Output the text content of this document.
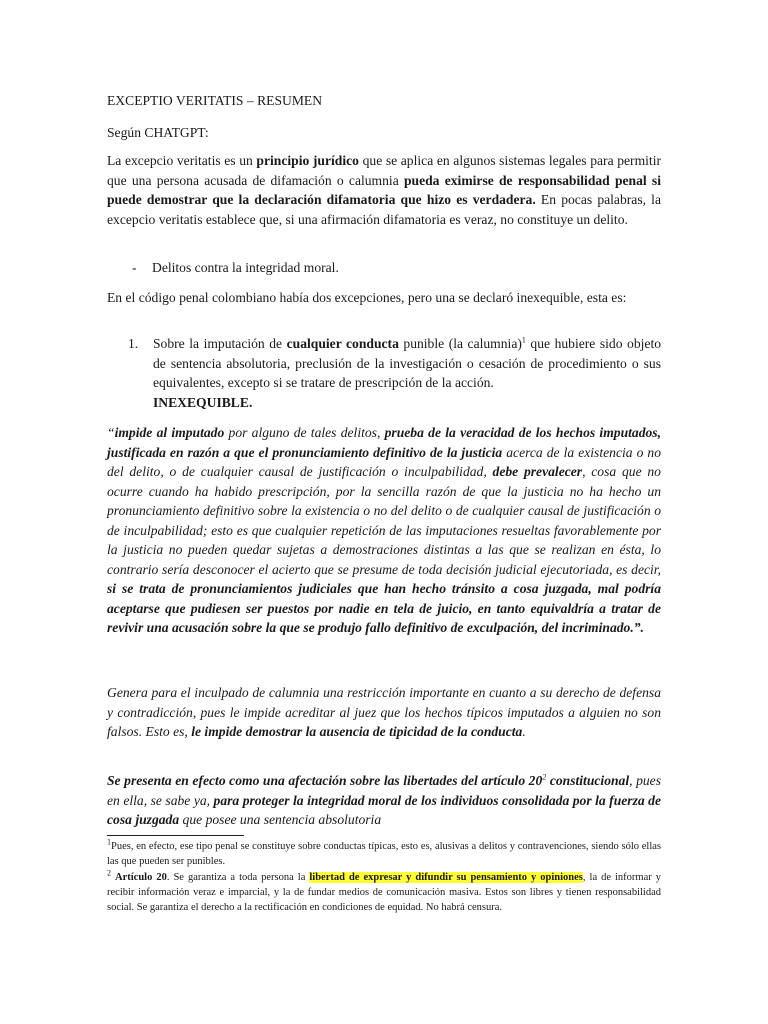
EXCEPTIO VERITATIS – RESUMEN
Según CHATGPT:
La excepcio veritatis es un principio jurídico que se aplica en algunos sistemas legales para permitir que una persona acusada de difamación o calumnia pueda eximirse de responsabilidad penal si puede demostrar que la declaración difamatoria que hizo es verdadera. En pocas palabras, la excepcio veritatis establece que, si una afirmación difamatoria es veraz, no constituye un delito.
- Delitos contra la integridad moral.
En el código penal colombiano había dos excepciones, pero una se declaró inexequible, esta es:
1. Sobre la imputación de cualquier conducta punible (la calumnia)$^1$ que hubiere sido objeto de sentencia absolutoria, preclusión de la investigación o cesación de procedimiento o sus equivalentes, excepto si se tratare de prescripción de la acción.
INEXEQUIBLE.
“impide al imputado por alguno de tales delitos, prueba de la veracidad de los hechos imputados, justificada en razón a que el pronunciamiento definitivo de la justicia acerca de la existencia o no del delito, o de cualquier causal de justificación o inculpabilidad, debe prevalecer, cosa que no ocurre cuando ha habido prescripción, por la sencilla razón de que la justicia no ha hecho un pronunciamiento definitivo sobre la existencia o no del delito o de cualquier causal de justificación o de inculpabilidad; esto es que cualquier repetición de las imputaciones resueltas favorablemente por la justicia no pueden quedar sujetas a demostraciones distintas a las que se realizan en ésta, lo contrario sería desconocer el acierto que se presume de toda decisión judicial ejecutoriada, es decir, si se trata de pronunciamientos judiciales que han hecho tránsito a cosa juzgada, mal podría aceptarse que pudiesen ser puestos por nadie en tela de juicio, en tanto equivaldría a tratar de revivir una acusación sobre la que se produjo fallo definitivo de exculpación, del incriminado.”.
Genera para el inculpado de calumnia una restricción importante en cuanto a su derecho de defensa y contradicción, pues le impide acreditar al juez que los hechos típicos imputados a alguien no son falsos. Esto es, le impide demostrar la ausencia de tipicidad de la conducta.
Se presenta en efecto como una afectación sobre las libertades del artículo $20^2$ constitucional, pues en ella, se sabe ya, para proteger la integridad moral de los individuos consolidada por la fuerza de cosa juzgada que posee una sentencia absolutoria
$^1$Pues, en efecto, ese tipo penal se constituye sobre conductas típicas, esto es, alusivas a delitos y contravenciones, siendo sólo ellas las que pueden ser punibles.
$^2$ Artículo 20. Se garantiza a toda persona la libertad de expresar y difundir su pensamiento y opiniones, la de informar y recibir información veraz e imparcial, y la de fundar medios de comunicación masiva. Estos son libres y tienen responsabilidad social. Se garantiza el derecho a la rectificación en condiciones de equidad. No habrá censura.
